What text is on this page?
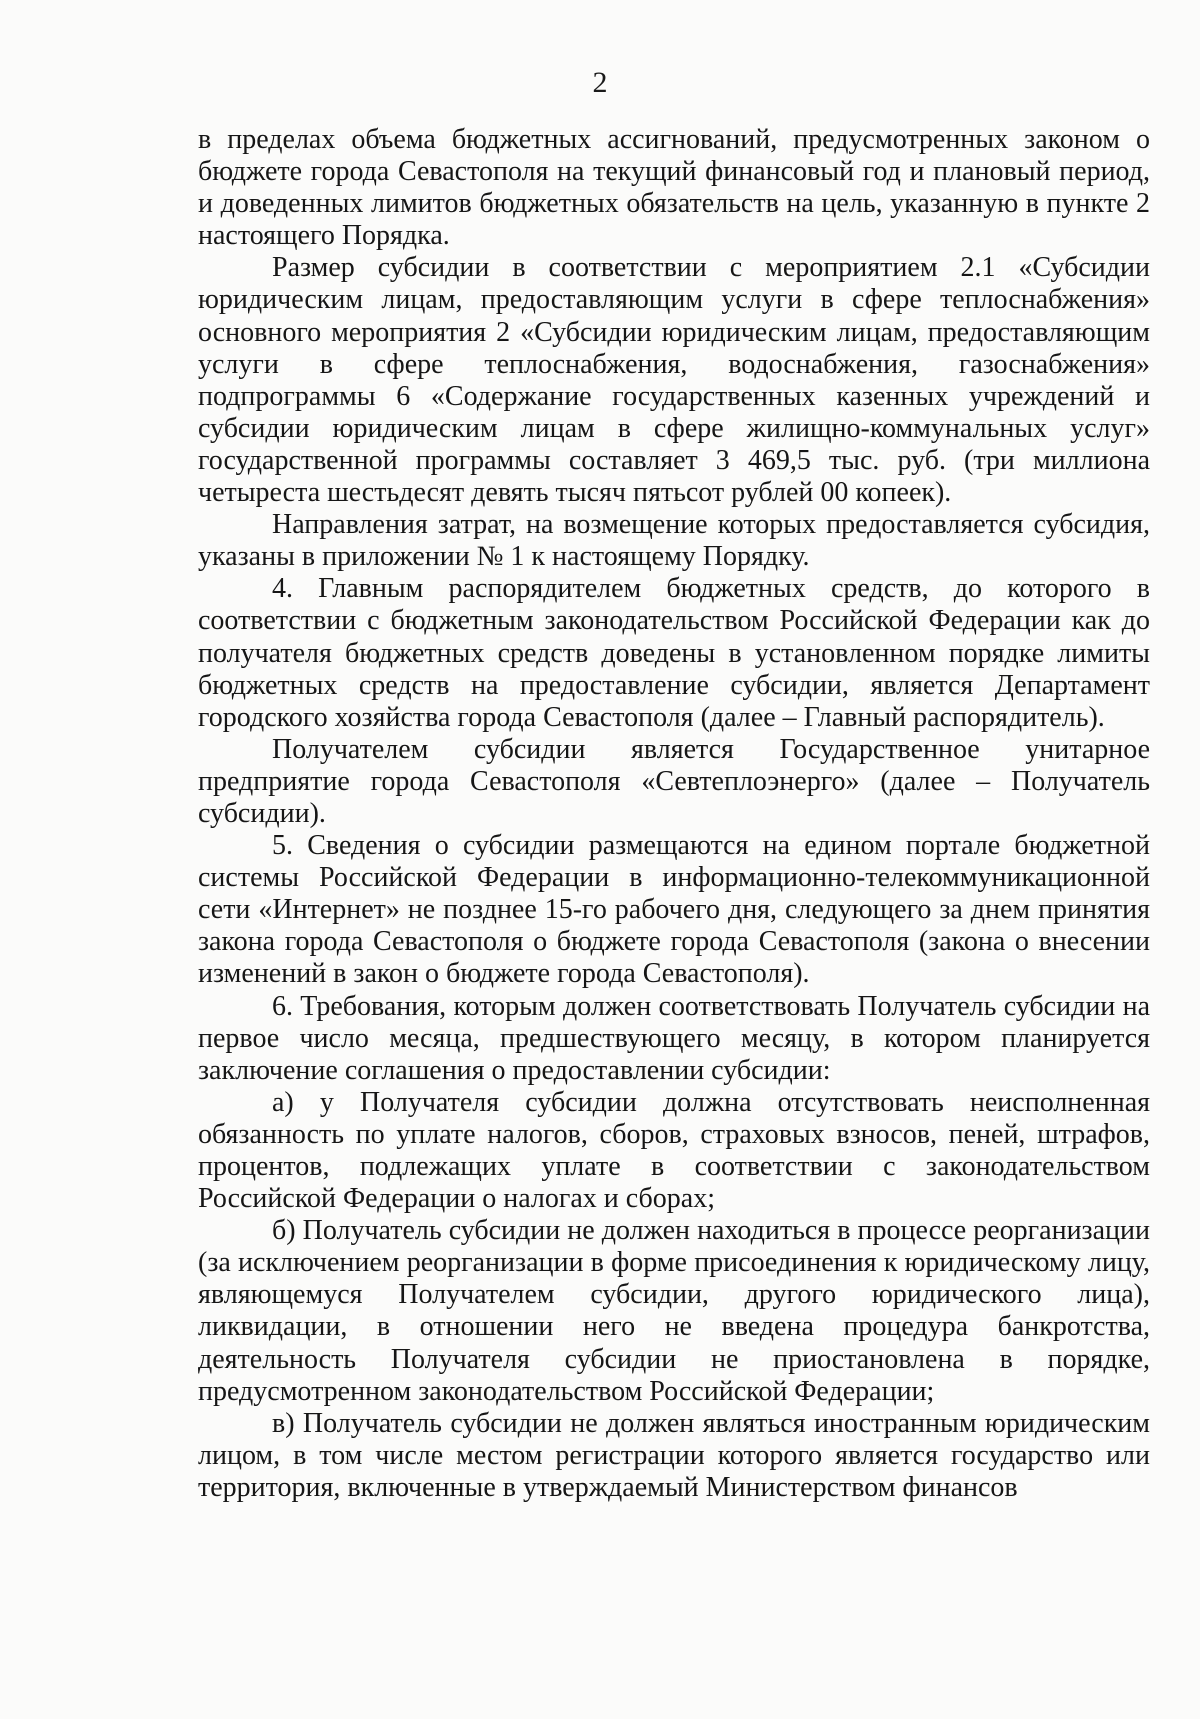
2

в пределах объема бюджетных ассигнований, предусмотренных законом о бюджете города Севастополя на текущий финансовый год и плановый период, и доведенных лимитов бюджетных обязательств на цель, указанную в пункте 2 настоящего Порядка.

Размер субсидии в соответствии с мероприятием 2.1 «Субсидии юридическим лицам, предоставляющим услуги в сфере теплоснабжения» основного мероприятия 2 «Субсидии юридическим лицам, предоставляющим услуги в сфере теплоснабжения, водоснабжения, газоснабжения» подпрограммы 6 «Содержание государственных казенных учреждений и субсидии юридическим лицам в сфере жилищно-коммунальных услуг» государственной программы составляет 3 469,5 тыс. руб. (три миллиона четыреста шестьдесят девять тысяч пятьсот рублей 00 копеек).

Направления затрат, на возмещение которых предоставляется субсидия, указаны в приложении № 1 к настоящему Порядку.

4. Главным распорядителем бюджетных средств, до которого в соответствии с бюджетным законодательством Российской Федерации как до получателя бюджетных средств доведены в установленном порядке лимиты бюджетных средств на предоставление субсидии, является Департамент городского хозяйства города Севастополя (далее – Главный распорядитель).

Получателем субсидии является Государственное унитарное предприятие города Севастополя «Севтеплоэнерго» (далее – Получатель субсидии).

5. Сведения о субсидии размещаются на едином портале бюджетной системы Российской Федерации в информационно-телекоммуникационной сети «Интернет» не позднее 15-го рабочего дня, следующего за днем принятия закона города Севастополя о бюджете города Севастополя (закона о внесении изменений в закон о бюджете города Севастополя).

6. Требования, которым должен соответствовать Получатель субсидии на первое число месяца, предшествующего месяцу, в котором планируется заключение соглашения о предоставлении субсидии:

а) у Получателя субсидии должна отсутствовать неисполненная обязанность по уплате налогов, сборов, страховых взносов, пеней, штрафов, процентов, подлежащих уплате в соответствии с законодательством Российской Федерации о налогах и сборах;

б) Получатель субсидии не должен находиться в процессе реорганизации (за исключением реорганизации в форме присоединения к юридическому лицу, являющемуся Получателем субсидии, другого юридического лица), ликвидации, в отношении него не введена процедура банкротства, деятельность Получателя субсидии не приостановлена в порядке, предусмотренном законодательством Российской Федерации;

в) Получатель субсидии не должен являться иностранным юридическим лицом, в том числе местом регистрации которого является государство или территория, включенные в утверждаемый Министерством финансов
